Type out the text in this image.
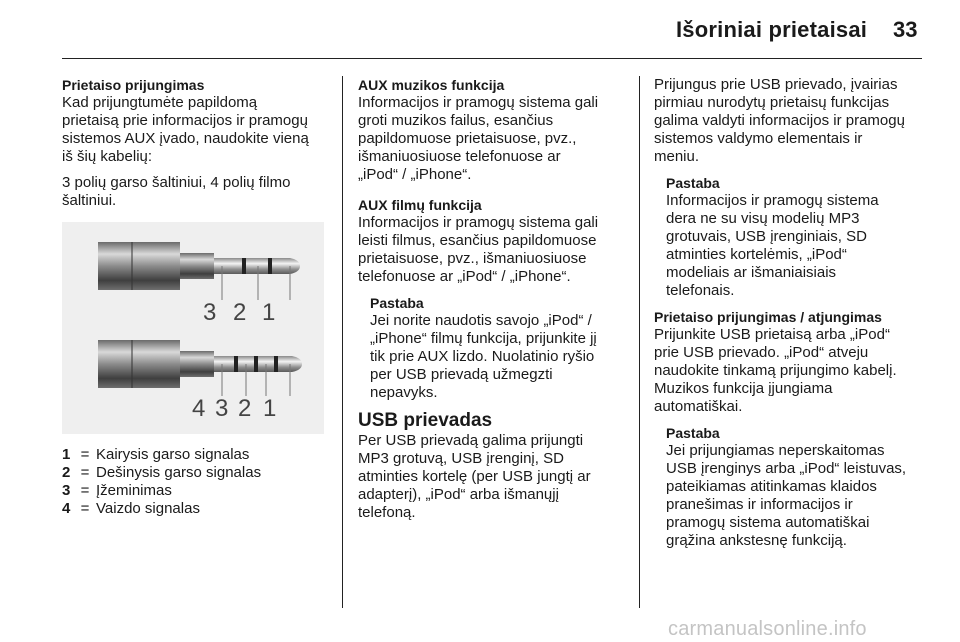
Išoriniai prietaisai 33
Prietaiso prijungimas
Kad prijungtumėte papildomą
prietaisą prie informacijos ir pramogų
sistemos AUX įvado, naudokite vieną
iš šių kabelių:
3 polių garso šaltiniui, 4 polių filmo
šaltiniui.
3 2 1
4 3 2 1
1 = Kairysis garso signalas
2 = Dešinysis garso signalas
3 = Įžeminimas
4 = Vaizdo signalas
AUX muzikos funkcija
Informacijos ir pramogų sistema gali
groti muzikos failus, esančius
papildomuose prietaisuose, pvz.,
išmaniuosiuose telefonuose ar
„iPod“ / „iPhone“.
AUX filmų funkcija
Informacijos ir pramogų sistema gali
leisti filmus, esančius papildomuose
prietaisuose, pvz., išmaniuosiuose
telefonuose ar „iPod“ / „iPhone“.
Pastaba
Jei norite naudotis savojo „iPod“ /
„iPhone“ filmų funkcija, prijunkite jį
tik prie AUX lizdo. Nuolatinio ryšio
per USB prievadą užmegzti
nepavyks.
USB prievadas
Per USB prievadą galima prijungti
MP3 grotuvą, USB įrenginį, SD
atminties kortelę (per USB jungtį ar
adapterį), „iPod“ arba išmanųjį
telefoną.
Prijungus prie USB prievado, įvairias
pirmiau nurodytų prietaisų funkcijas
galima valdyti informacijos ir pramogų
sistemos valdymo elementais ir
meniu.
Pastaba
Informacijos ir pramogų sistema
dera ne su visų modelių MP3
grotuvais, USB įrenginiais, SD
atminties kortelėmis, „iPod“
modeliais ar išmaniaisiais
telefonais.
Prietaiso prijungimas / atjungimas
Prijunkite USB prietaisą arba „iPod“
prie USB prievado. „iPod“ atveju
naudokite tinkamą prijungimo kabelį.
Muzikos funkcija įjungiama
automatiškai.
Pastaba
Jei prijungiamas neperskaitomas
USB įrenginys arba „iPod“ leistuvas,
pateikiamas atitinkamas klaidos
pranešimas ir informacijos ir
pramogų sistema automatiškai
grąžina ankstesnę funkciją.
carmanualsonline.info
